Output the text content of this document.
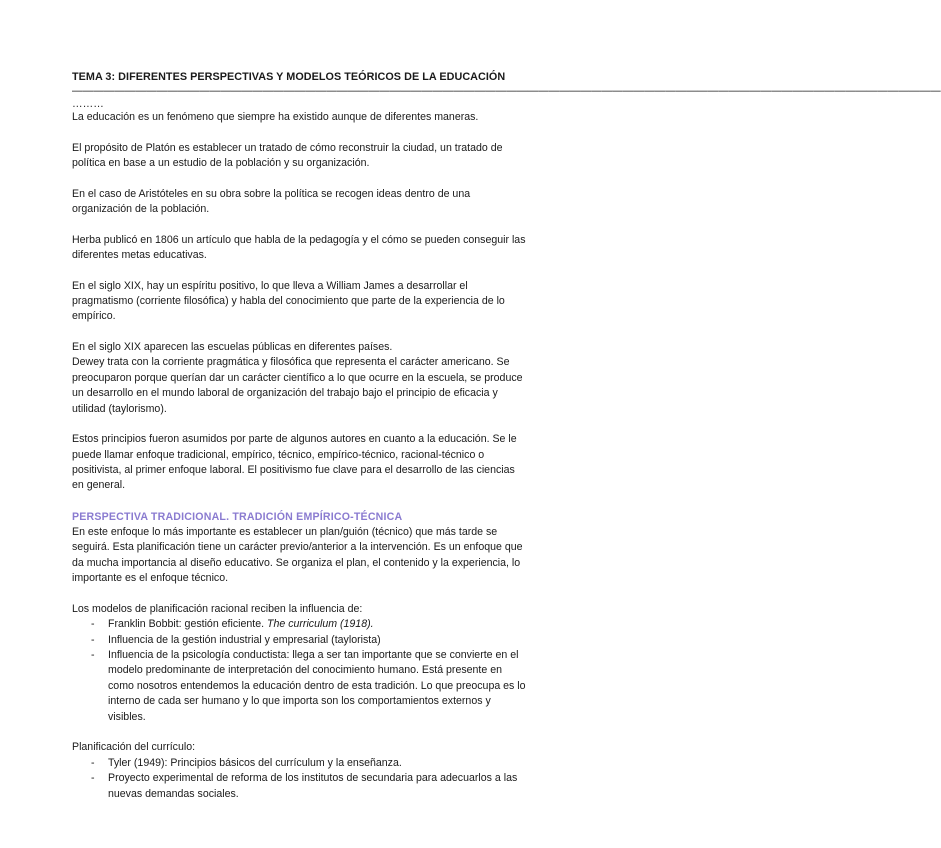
TEMA 3: DIFERENTES PERSPECTIVAS Y MODELOS TEÓRICOS DE LA EDUCACIÓN
——————————————————————————————————————————————————————————————————————————————————
………

La educación es un fenómeno que siempre ha existido aunque de diferentes maneras.

El propósito de Platón es establecer un tratado de cómo reconstruir la ciudad, un tratado de política en base a un estudio de la población y su organización.

En el caso de Aristóteles en su obra sobre la política se recogen ideas dentro de una organización de la población.

Herba publicó en 1806 un artículo que habla de la pedagogía y el cómo se pueden conseguir las diferentes metas educativas.

En el siglo XIX, hay un espíritu positivo, lo que lleva a William James a desarrollar el pragmatismo (corriente filosófica) y habla del conocimiento que parte de la experiencia de lo empírico.

En el siglo XIX aparecen las escuelas públicas en diferentes países.

Dewey trata con la corriente pragmática y filosófica que representa el carácter americano. Se preocuparon porque querían dar un carácter científico a lo que ocurre en la escuela, se produce un desarrollo en el mundo laboral de organización del trabajo bajo el principio de eficacia y utilidad (taylorismo).

Estos principios fueron asumidos por parte de algunos autores en cuanto a la educación. Se le puede llamar enfoque tradicional, empírico, técnico, empírico-técnico, racional-técnico o positivista, al primer enfoque laboral. El positivismo fue clave para el desarrollo de las ciencias en general.

PERSPECTIVA TRADICIONAL. TRADICIÓN EMPÍRICO-TÉCNICA

En este enfoque lo más importante es establecer un plan/guión (técnico) que más tarde se seguirá. Esta planificación tiene un carácter previo/anterior a la intervención. Es un enfoque que da mucha importancia al diseño educativo. Se organiza el plan, el contenido y la experiencia, lo importante es el enfoque técnico.

Los modelos de planificación racional reciben la influencia de:

- Franklin Bobbit: gestión eficiente. The curriculum (1918).
- Influencia de la gestión industrial y empresarial (taylorista)
- Influencia de la psicología conductista: llega a ser tan importante que se convierte en el modelo predominante de interpretación del conocimiento humano. Está presente en como nosotros entendemos la educación dentro de esta tradición. Lo que preocupa es lo interno de cada ser humano y lo que importa son los comportamientos externos y visibles.

Planificación del currículo:

- Tyler (1949): Principios básicos del currículum y la enseñanza.
- Proyecto experimental de reforma de los institutos de secundaria para adecuarlos a las nuevas demandas sociales.
